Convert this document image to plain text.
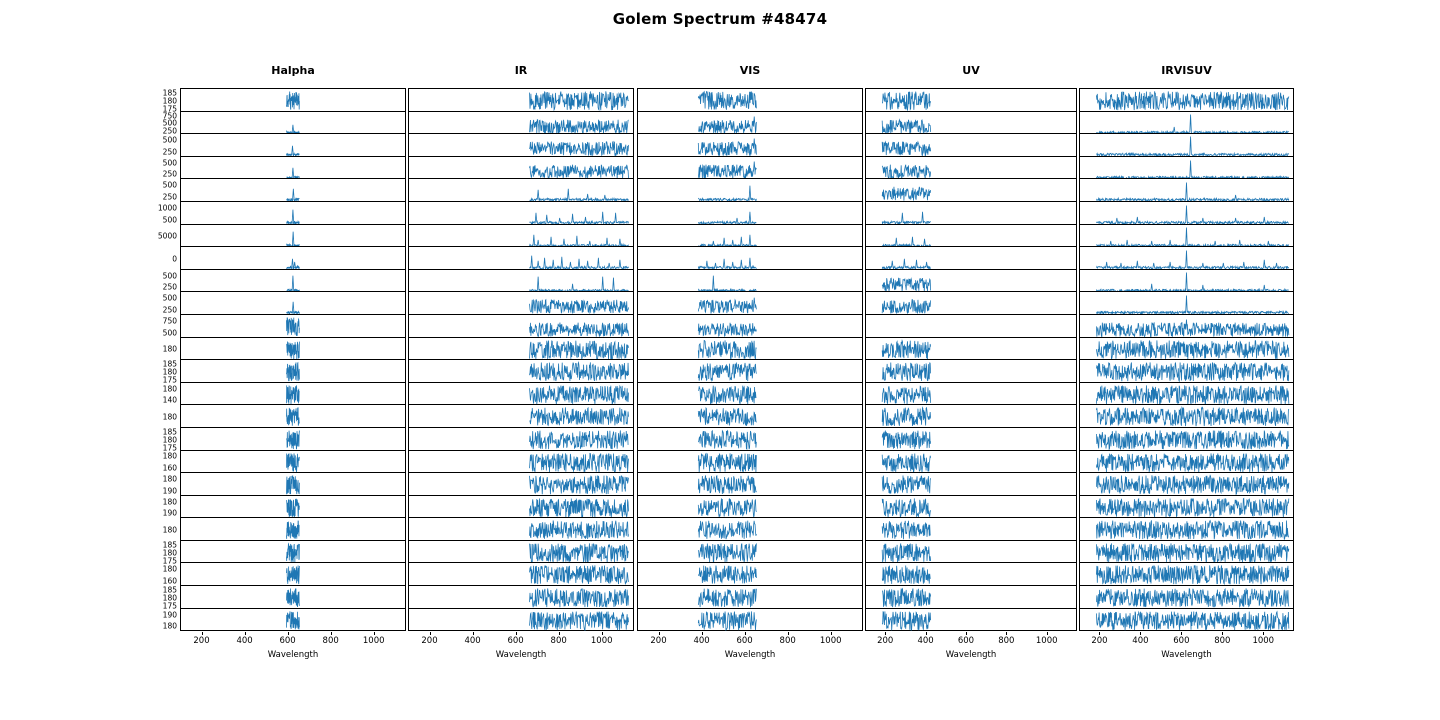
Golem Spectrum #48474
Halpha
185
180
175
750
500
250
500
250
500
250
500
250
1000
500
5000
0
500
250
500
250
750
500
180
185
180
175
180
140
180
185
180
175
180
160
180
190
180
190
180
185
180
175
180
160
185
180
175
190
180
200	400	600	800	1000
Wavelength
IR
200	400	600	800	1000
Wavelength
VIS
200	400	600	800	1000
Wavelength
UV
200	400	600	800	1000
Wavelength
IRVISUV
200	400	600	800	1000
Wavelength
